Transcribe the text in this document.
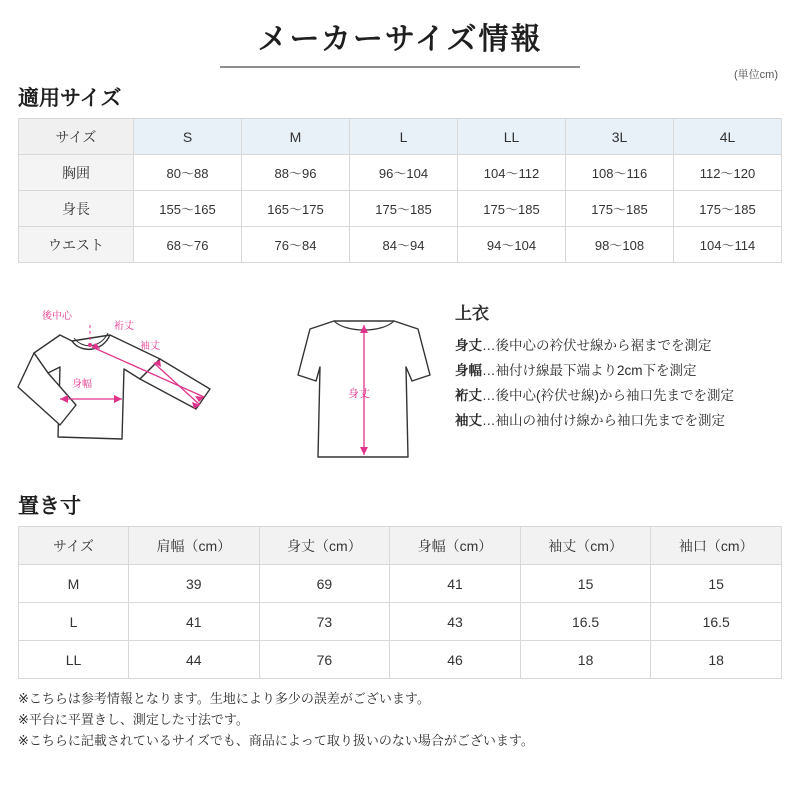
メーカーサイズ情報
適用サイズ
(単位cm)
サイズ	S	M	L	LL	3L	4L
胸囲	80〜88	88〜96	96〜104	104〜112	108〜116	112〜120
身長	155〜165	165〜175	175〜185	175〜185	175〜185	175〜185
ウエスト	68〜76	76〜84	84〜94	94〜104	98〜108	104〜114
後中心
裄丈
袖丈
身幅
身丈
上衣
身丈…後中心の衿伏せ線から裾までを測定
身幅…袖付け線最下端より2cm下を測定
裄丈…後中心(衿伏せ線)から袖口先までを測定
袖丈…袖山の袖付け線から袖口先までを測定
置き寸
サイズ	肩幅（cm）	身丈（cm）	身幅（cm）	袖丈（cm）	袖口（cm）
M	39	69	41	15	15
L	41	73	43	16.5	16.5
LL	44	76	46	18	18
※こちらは参考情報となります。生地により多少の誤差がございます。
※平台に平置きし、測定した寸法です。
※こちらに記載されているサイズでも、商品によって取り扱いのない場合がございます。
